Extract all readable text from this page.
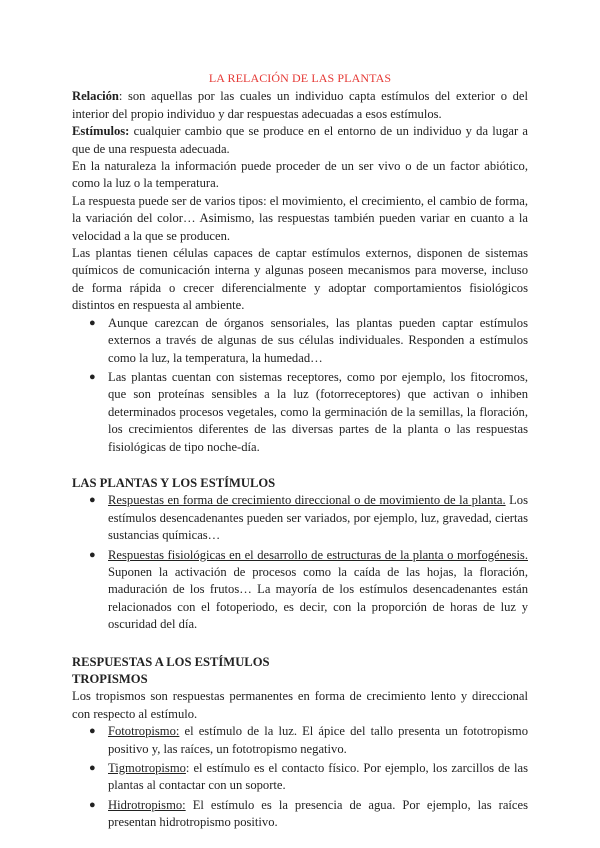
LA RELACIÓN DE LAS PLANTAS

Relación: son aquellas por las cuales un individuo capta estímulos del exterior o del interior del propio individuo y dar respuestas adecuadas a esos estímulos.

Estímulos: cualquier cambio que se produce en el entorno de un individuo y da lugar a que de una respuesta adecuada.

En la naturaleza la información puede proceder de un ser vivo o de un factor abiótico, como la luz o la temperatura.

La respuesta puede ser de varios tipos: el movimiento, el crecimiento, el cambio de forma, la variación del color… Asimismo, las respuestas también pueden variar en cuanto a la velocidad a la que se producen.

Las plantas tienen células capaces de captar estímulos externos, disponen de sistemas químicos de comunicación interna y algunas poseen mecanismos para moverse, incluso de forma rápida o crecer diferencialmente y adoptar comportamientos fisiológicos distintos en respuesta al ambiente.

● Aunque carezcan de órganos sensoriales, las plantas pueden captar estímulos externos a través de algunas de sus células individuales. Responden a estímulos como la luz, la temperatura, la humedad…
● Las plantas cuentan con sistemas receptores, como por ejemplo, los fitocromos, que son proteínas sensibles a la luz (fotorreceptores) que activan o inhiben determinados procesos vegetales, como la germinación de la semillas, la floración, los crecimientos diferentes de las diversas partes de la planta o las respuestas fisiológicas de tipo noche-día.
LAS PLANTAS Y LOS ESTÍMULOS
● Respuestas en forma de crecimiento direccional o de movimiento de la planta. Los estímulos desencadenantes pueden ser variados, por ejemplo, luz, gravedad, ciertas sustancias químicas…
● Respuestas fisiológicas en el desarrollo de estructuras de la planta o morfogénesis. Suponen la activación de procesos como la caída de las hojas, la floración, maduración de los frutos… La mayoría de los estímulos desencadenantes están relacionados con el fotoperiodo, es decir, con la proporción de horas de luz y oscuridad del día.
RESPUESTAS A LOS ESTÍMULOS
TROPISMOS

Los tropismos son respuestas permanentes en forma de crecimiento lento y direccional con respecto al estímulo.

● Fototropismo: el estímulo de la luz. El ápice del tallo presenta un fototropismo positivo y, las raíces, un fototropismo negativo.
● Tigmotropismo: el estímulo es el contacto físico. Por ejemplo, los zarcillos de las plantas al contactar con un soporte.
● Hidrotropismo: El estímulo es la presencia de agua. Por ejemplo, las raíces presentan hidrotropismo positivo.
